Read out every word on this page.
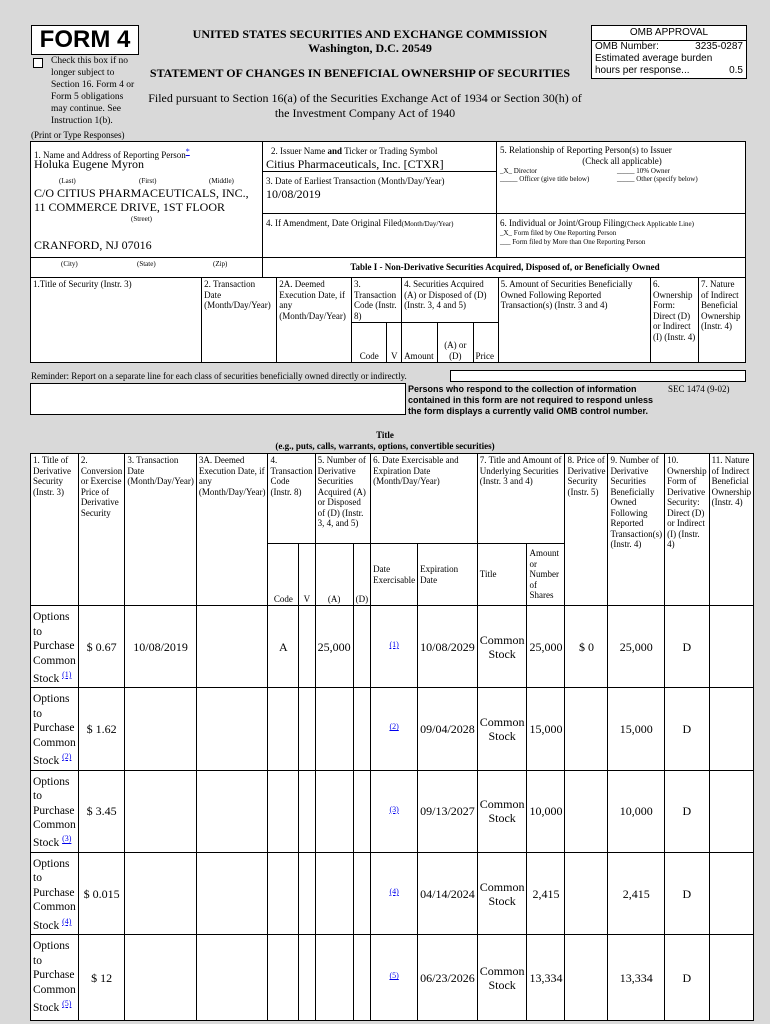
FORM 4
Check this box if no longer subject to Section 16. Form 4 or Form 5 obligations may continue. See Instruction 1(b).
UNITED STATES SECURITIES AND EXCHANGE COMMISSION
Washington, D.C. 20549
STATEMENT OF CHANGES IN BENEFICIAL OWNERSHIP OF SECURITIES
Filed pursuant to Section 16(a) of the Securities Exchange Act of 1934 or Section 30(h) of the Investment Company Act of 1940
OMB APPROVAL
OMB Number:	3235-0287
Estimated average burden
hours per response...	0.5
(Print or Type Responses)
1. Name and Address of Reporting Person*
Holuka Eugene Myron
(Last)	(First)	(Middle)
C/O CITIUS PHARMACEUTICALS, INC., 11 COMMERCE DRIVE, 1ST FLOOR
(Street)
CRANFORD, NJ 07016
(City)	(State)	(Zip)
2. Issuer Name and Ticker or Trading Symbol
Citius Pharmaceuticals, Inc. [CTXR]
3. Date of Earliest Transaction (Month/Day/Year)
10/08/2019
4. If Amendment, Date Original Filed(Month/Day/Year)
5. Relationship of Reporting Person(s) to Issuer
(Check all applicable)
_X_ Director	_____ 10% Owner
_____ Officer (give title below)	_____ Other (specify below)
6. Individual or Joint/Group Filing(Check Applicable Line)
_X_ Form filed by One Reporting Person
___ Form filed by More than One Reporting Person
Table I - Non-Derivative Securities Acquired, Disposed of, or Beneficially Owned
1.Title of Security (Instr. 3)	2. Transaction Date (Month/Day/Year)	2A. Deemed Execution Date, if any (Month/Day/Year)	3. Transaction Code (Instr. 8)		4. Securities Acquired (A) or Disposed of (D) (Instr. 3, 4 and 5)			5. Amount of Securities Beneficially Owned Following Reported Transaction(s) (Instr. 3 and 4)	6. Ownership Form: Direct (D) or Indirect (I) (Instr. 4)	7. Nature of Indirect Beneficial Ownership (Instr. 4)
			Code	V	Amount	(A) or (D)	Price			
Reminder: Report on a separate line for each class of securities beneficially owned directly or indirectly.
Persons who respond to the collection of information contained in this form are not required to respond unless the form displays a currently valid OMB control number.
SEC 1474 (9-02)
Title
(e.g., puts, calls, warrants, options, convertible securities)
1. Title of Derivative Security (Instr. 3)	2. Conversion or Exercise Price of Derivative Security	3. Transaction Date (Month/Day/Year)	3A. Deemed Execution Date, if any (Month/Day/Year)	4. Transaction Code (Instr. 8)		5. Number of Derivative Securities Acquired (A) or Disposed of (D) (Instr. 3, 4, and 5)		6. Date Exercisable and Expiration Date (Month/Day/Year)		7. Title and Amount of Underlying Securities (Instr. 3 and 4)		8. Price of Derivative Security (Instr. 5)	9. Number of Derivative Securities Beneficially Owned Following Reported Transaction(s) (Instr. 4)	10. Ownership Form of Derivative Security: Direct (D) or Indirect (I) (Instr. 4)	11. Nature of Indirect Beneficial Ownership (Instr. 4)
				Code	V	(A)	(D)	Date Exercisable	Expiration Date	Title	Amount or Number of Shares				
Options to Purchase Common Stock $^{(1)}$	$ 0.67	10/08/2019		A		25,000		$^{(1)}$	10/08/2029	Common Stock	25,000	$ 0	25,000	D	
Options to Purchase Common Stock $^{(2)}$	$ 1.62							$^{(2)}$	09/04/2028	Common Stock	15,000		15,000	D	
Options to Purchase Common Stock $^{(3)}$	$ 3.45							$^{(3)}$	09/13/2027	Common Stock	10,000		10,000	D	
Options to Purchase Common Stock $^{(4)}$	$ 0.015							$^{(4)}$	04/14/2024	Common Stock	2,415		2,415	D	
Options to Purchase Common Stock $^{(5)}$	$ 12							$^{(5)}$	06/23/2026	Common Stock	13,334		13,334	D	
